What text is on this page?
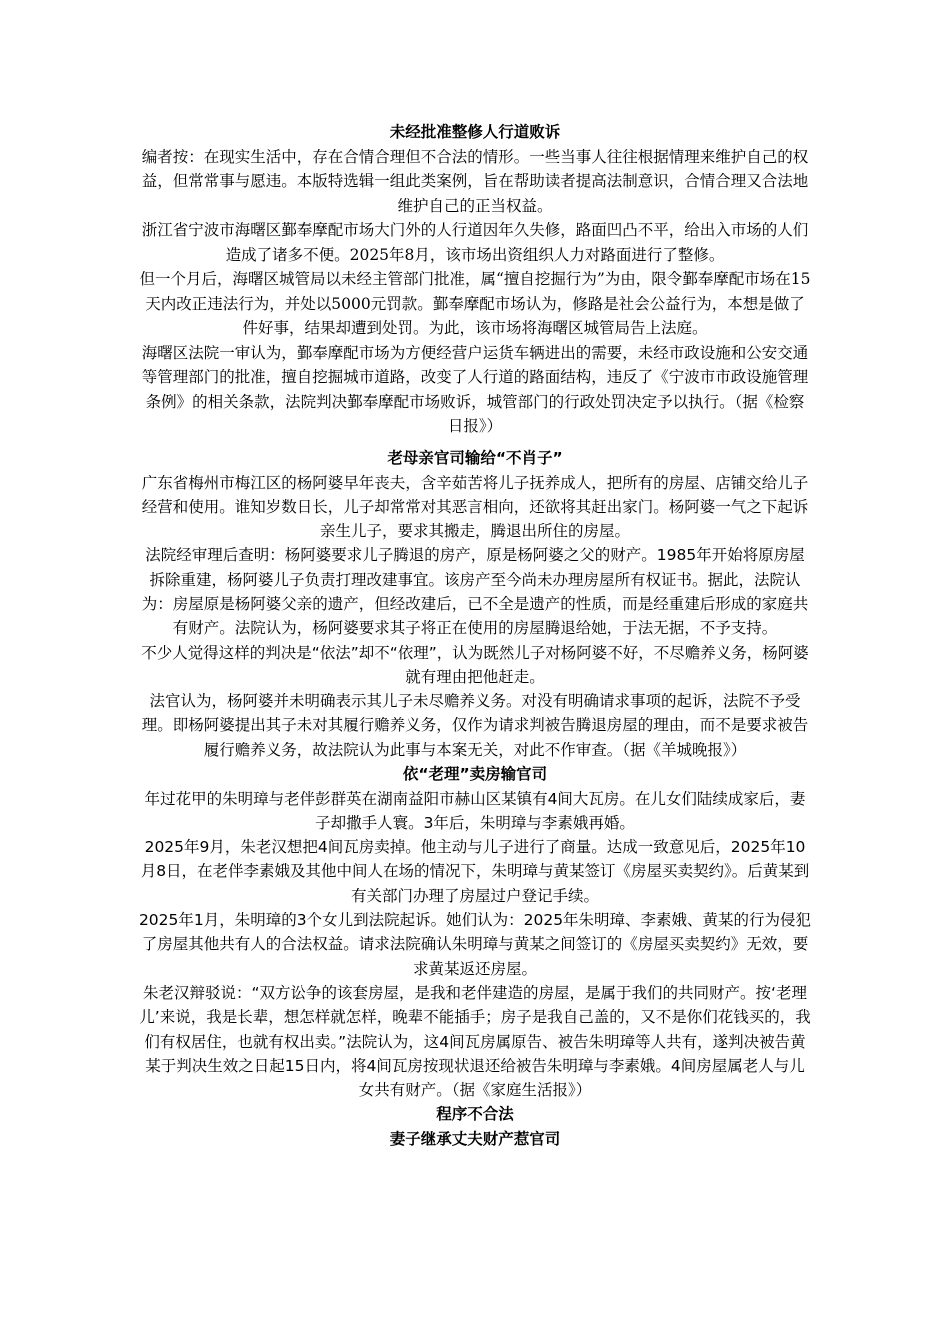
未经批准整修人行道败诉

编者按：在现实生活中，存在合情合理但不合法的情形。一些当事人往往根据情理来维护自己的权益，但常常事与愿违。本版特选辑一组此类案例，旨在帮助读者提高法制意识，合情合理又合法地维护自己的正当权益。

浙江省宁波市海曙区鄞奉摩配市场大门外的人行道因年久失修，路面凹凸不平，给出入市场的人们造成了诸多不便。2025年8月，该市场出资组织人力对路面进行了整修。

但一个月后，海曙区城管局以未经主管部门批准，属“擅自挖掘行为”为由，限令鄞奉摩配市场在15天内改正违法行为，并处以5000元罚款。鄞奉摩配市场认为，修路是社会公益行为，本想是做了件好事，结果却遭到处罚。为此，该市场将海曙区城管局告上法庭。

海曙区法院一审认为，鄞奉摩配市场为方便经营户运货车辆进出的需要，未经市政设施和公安交通等管理部门的批准，擅自挖掘城市道路，改变了人行道的路面结构，违反了《宁波市市政设施管理条例》的相关条款，法院判决鄞奉摩配市场败诉，城管部门的行政处罚决定予以执行。（据《检察日报》）

老母亲官司输给“不肖子”

广东省梅州市梅江区的杨阿婆早年丧夫，含辛茹苦将儿子抚养成人，把所有的房屋、店铺交给儿子经营和使用。谁知岁数日长，儿子却常常对其恶言相向，还欲将其赶出家门。杨阿婆一气之下起诉亲生儿子，要求其搬走，腾退出所住的房屋。

法院经审理后查明：杨阿婆要求儿子腾退的房产，原是杨阿婆之父的财产。1985年开始将原房屋拆除重建，杨阿婆儿子负责打理改建事宜。该房产至今尚未办理房屋所有权证书。据此，法院认为：房屋原是杨阿婆父亲的遗产，但经改建后，已不全是遗产的性质，而是经重建后形成的家庭共有财产。法院认为，杨阿婆要求其子将正在使用的房屋腾退给她，于法无据，不予支持。

不少人觉得这样的判决是“依法”却不“依理”，认为既然儿子对杨阿婆不好，不尽赡养义务，杨阿婆就有理由把他赶走。

法官认为，杨阿婆并未明确表示其儿子未尽赡养义务。对没有明确请求事项的起诉，法院不予受理。即杨阿婆提出其子未对其履行赡养义务，仅作为请求判被告腾退房屋的理由，而不是要求被告履行赡养义务，故法院认为此事与本案无关，对此不作审查。（据《羊城晚报》）

依“老理”卖房输官司

年过花甲的朱明璋与老伴彭群英在湖南益阳市赫山区某镇有4间大瓦房。在儿女们陆续成家后，妻子却撒手人寰。3年后，朱明璋与李素娥再婚。

2025年9月，朱老汉想把4间瓦房卖掉。他主动与儿子进行了商量。达成一致意见后，2025年10月8日，在老伴李素娥及其他中间人在场的情况下，朱明璋与黄某签订《房屋买卖契约》。后黄某到有关部门办理了房屋过户登记手续。

2025年1月，朱明璋的3个女儿到法院起诉。她们认为：2025年朱明璋、李素娥、黄某的行为侵犯了房屋其他共有人的合法权益。请求法院确认朱明璋与黄某之间签订的《房屋买卖契约》无效，要求黄某返还房屋。

朱老汉辩驳说：“双方讼争的该套房屋，是我和老伴建造的房屋，是属于我们的共同财产。按‘老理儿’来说，我是长辈，想怎样就怎样，晚辈不能插手；房子是我自己盖的，又不是你们花钱买的，我们有权居住，也就有权出卖。”法院认为，这4间瓦房属原告、被告朱明璋等人共有，遂判决被告黄某于判决生效之日起15日内，将4间瓦房按现状退还给被告朱明璋与李素娥。4间房屋属老人与儿女共有财产。（据《家庭生活报》）

程序不合法
妻子继承丈夫财产惹官司
